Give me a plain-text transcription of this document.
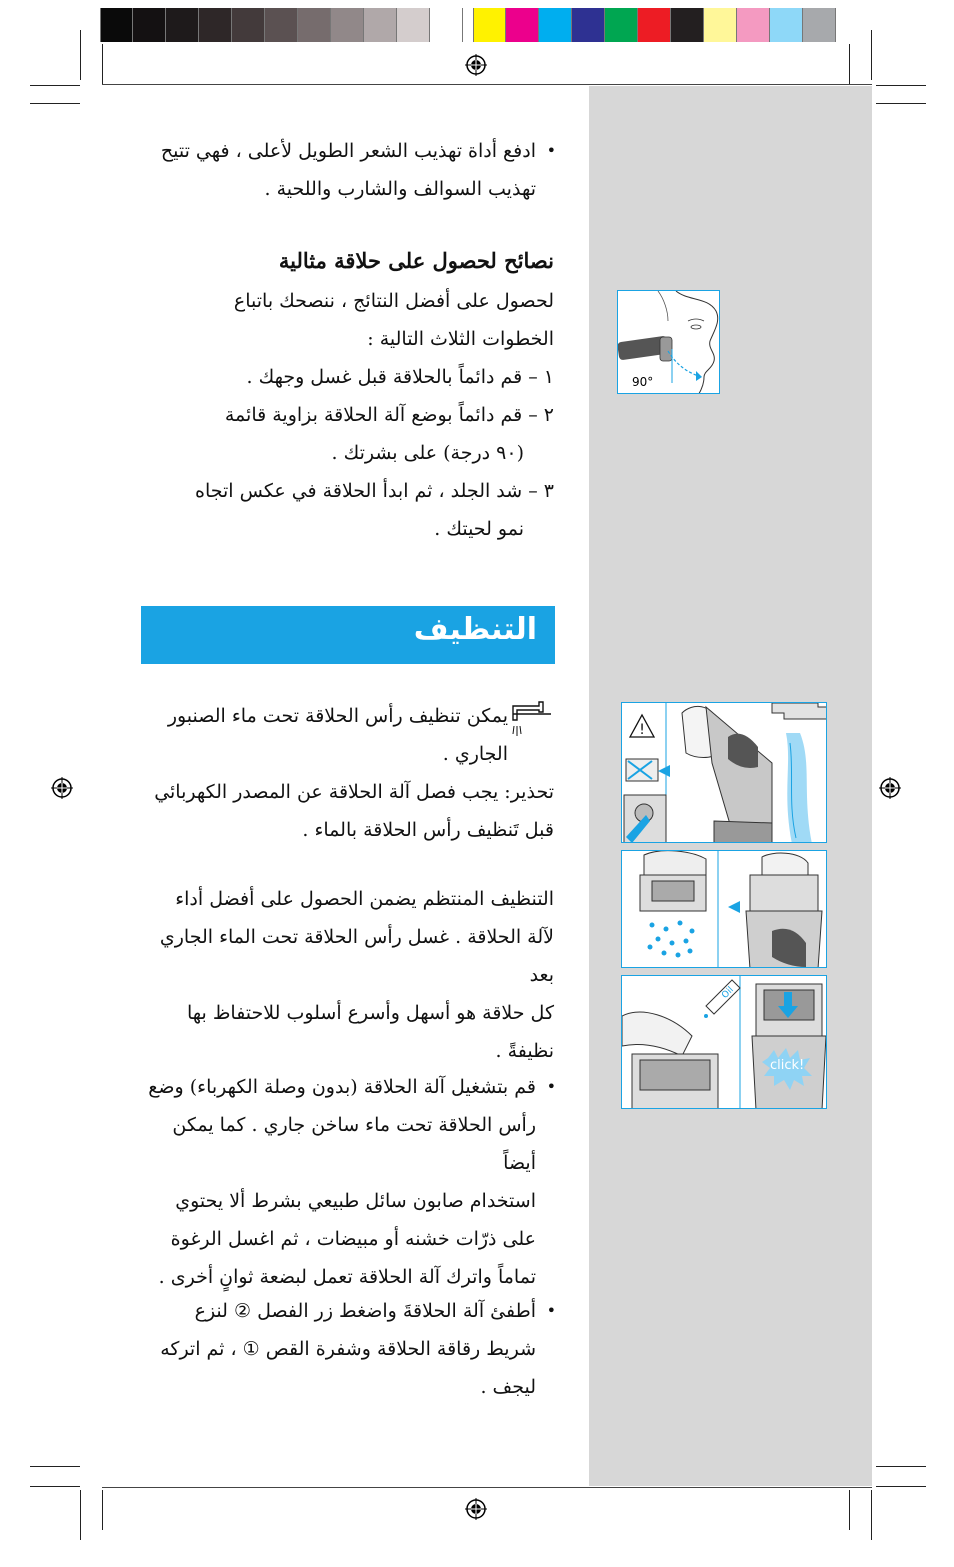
• ادفع أداة تهذيب الشعر الطويل لأعلى ، فهي تتيح
تهذيب السوالف والشارب واللحية .
نصائح لحصول على حلاقة مثالية
لحصول على أفضل النتائج ، ننصحك باتباع
الخطوات الثلاث التالية :
١ – قم دائماً بالحلاقة قبل غسل وجهك .
٢ – قم دائماً بوضع آلة الحلاقة بزاوية قائمة
(٩٠ درجة) على بشرتك .
٣ – شد الجلد ، ثم ابدأ الحلاقة في عكس اتجاه
نمو لحيتك .
90°
التنظيف
يمكن تنظيف رأس الحلاقة تحت ماء الصنبور
الجاري .
تحذير: يجب فصل آلة الحلاقة عن المصدر الكهربائي
قبل تَنظيف رأس الحلاقة بالماء .
التنظيف المنتظم يضمن الحصول على أفضل أداء
لآلة الحلاقة . غسل رأس الحلاقة تحت الماء الجاري بعد
كل حلاقة هو أسهل وأسرع أسلوب للاحتفاظ بها
نظيفةً .
• قم بتشغيل آلة الحلاقة (بدون وصلة الكهرباء) وضع
رأس الحلاقة تحت ماء ساخن جاري . كما يمكن أيضاً
استخدام صابون سائل طبيعي بشرط ألا يحتوي
على ذرّات خشنه أو مبيضات ، ثم اغسل الرغوة
تماماً واترك آلة الحلاقة تعمل لبضعة ثوانٍ أخرى .
• أطفئ آلة الحلاقةَ واضغط زر الفصل ② لنزع
شريط رقاقة الحلاقة وشفرة القص ① ، ثم اتركه
ليجف .
!
Oil
click!
